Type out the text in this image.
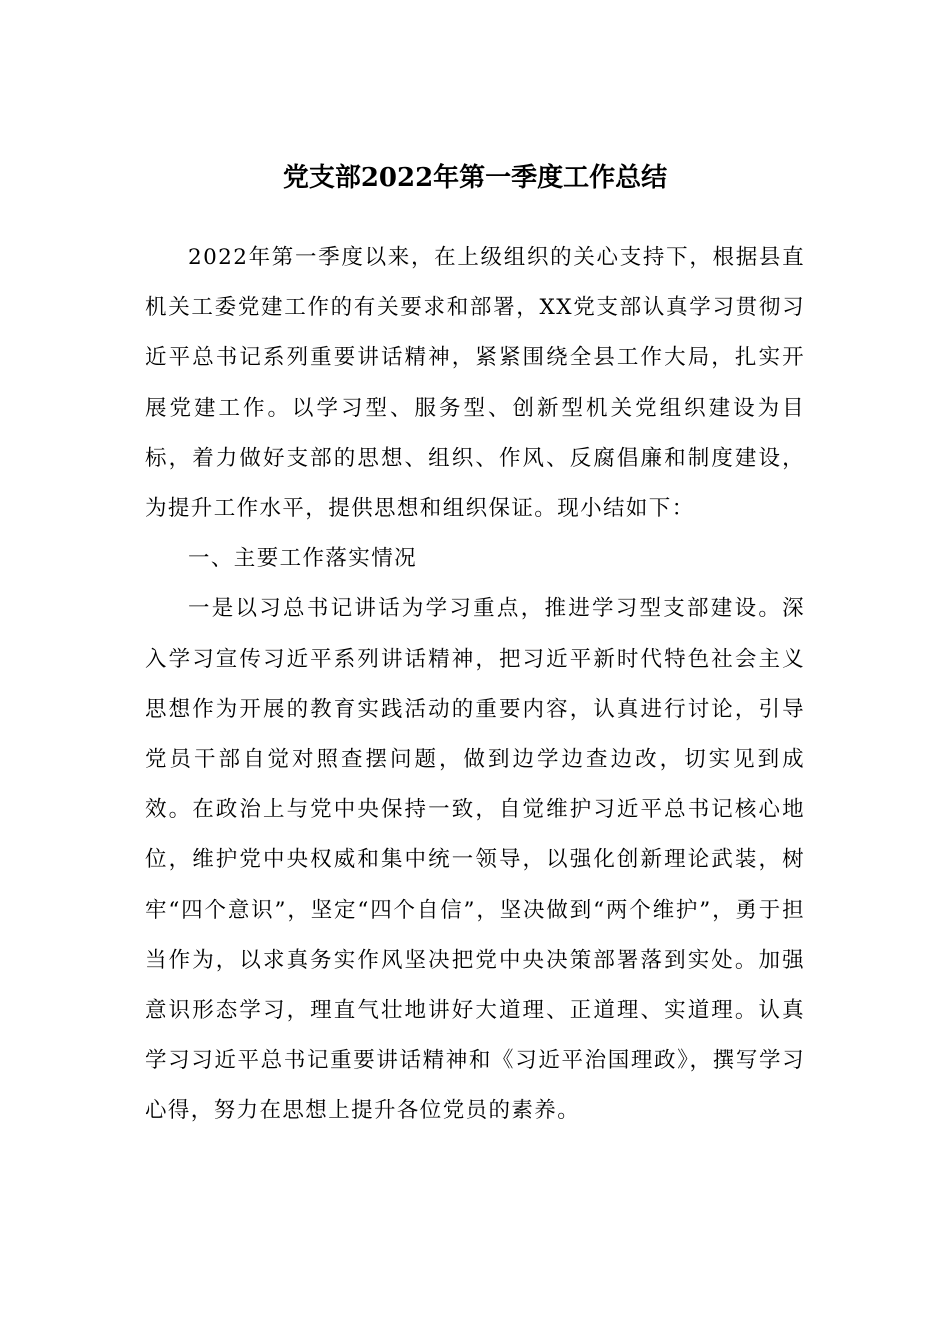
党支部2022年第一季度工作总结

2022年第一季度以来，在上级组织的关心支持下，根据县直机关工委党建工作的有关要求和部署，XX党支部认真学习贯彻习近平总书记系列重要讲话精神，紧紧围绕全县工作大局，扎实开展党建工作。以学习型、服务型、创新型机关党组织建设为目标，着力做好支部的思想、组织、作风、反腐倡廉和制度建设，为提升工作水平，提供思想和组织保证。现小结如下：

一、主要工作落实情况

一是以习总书记讲话为学习重点，推进学习型支部建设。深入学习宣传习近平系列讲话精神，把习近平新时代特色社会主义思想作为开展的教育实践活动的重要内容，认真进行讨论，引导党员干部自觉对照查摆问题，做到边学边查边改，切实见到成效。在政治上与党中央保持一致，自觉维护习近平总书记核心地位，维护党中央权威和集中统一领导，以强化创新理论武装，树牢“四个意识”，坚定“四个自信”，坚决做到“两个维护”，勇于担当作为，以求真务实作风坚决把党中央决策部署落到实处。加强意识形态学习，理直气壮地讲好大道理、正道理、实道理。认真学习习近平总书记重要讲话精神和《习近平治国理政》，撰写学习心得，努力在思想上提升各位党员的素养。
